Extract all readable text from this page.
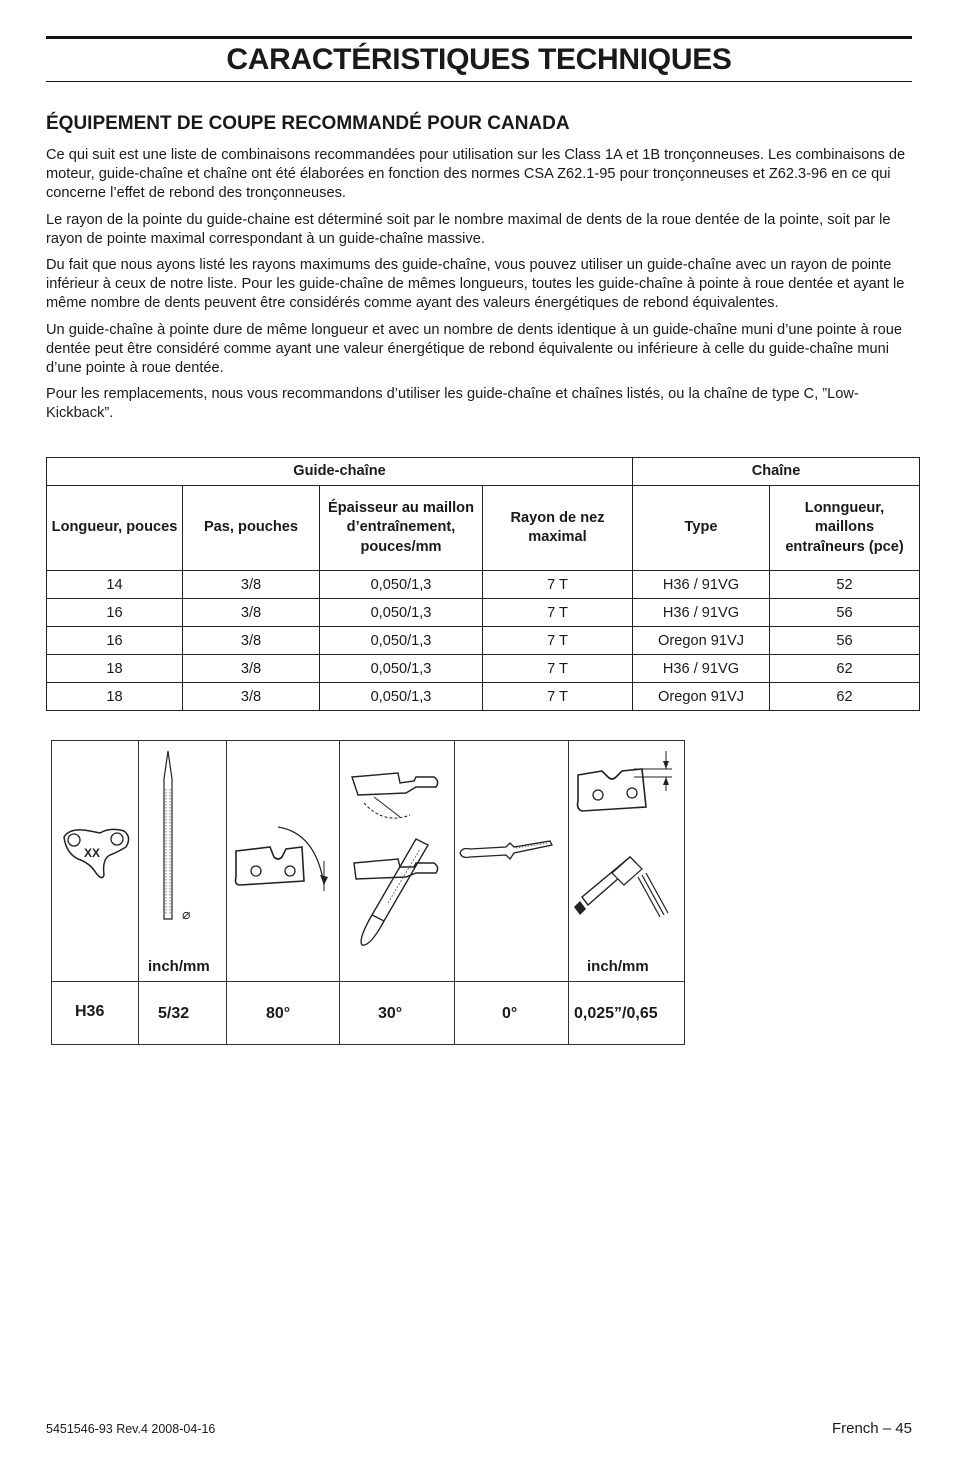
CARACTÉRISTIQUES TECHNIQUES
ÉQUIPEMENT DE COUPE RECOMMANDÉ POUR CANADA

Ce qui suit est une liste de combinaisons recommandées pour utilisation sur les Class 1A et 1B tronçonneuses. Les combinaisons de moteur, guide-chaîne et chaîne ont été élaborées en fonction des normes CSA Z62.1-95 pour tronçonneuses et Z62.3-96 en ce qui concerne l’effet de rebond des tronçonneuses.

Le rayon de la pointe du guide-chaine est déterminé soit par le nombre maximal de dents de la roue dentée de la pointe, soit par le rayon de pointe maximal correspondant à un guide-chaîne massive.

Du fait que nous ayons listé les rayons maximums des guide-chaîne, vous pouvez utiliser un guide-chaîne avec un rayon de pointe inférieur à ceux de notre liste. Pour les guide-chaîne de mêmes longueurs, toutes les guide-chaîne à pointe à roue dentée et ayant le même nombre de dents peuvent être considérés comme ayant des valeurs énergétiques de rebond équivalentes.

Un guide-chaîne à pointe dure de même longueur et avec un nombre de dents identique à un guide-chaîne muni d’une pointe à roue dentée peut être considéré comme ayant une valeur énergétique de rebond équivalente ou inférieure à celle du guide-chaîne muni d’une pointe à roue dentée.

Pour les remplacements, nous vous recommandons d’utiliser les guide-chaîne et chaînes listés, ou la chaîne de type C, ”Low-Kickback”.

Guide-chaîne				Chaîne	
Longueur, pouces	Pas, pouches	Épaisseur au maillon d’entraînement, pouces/mm	Rayon de nez maximal	Type	Lonngueur, maillons entraîneurs (pce)
14	3/8	0,050/1,3	7 T	H36 / 91VG	52
16	3/8	0,050/1,3	7 T	H36 / 91VG	56
16	3/8	0,050/1,3	7 T	Oregon 91VJ	56
18	3/8	0,050/1,3	7 T	H36 / 91VG	62
18	3/8	0,050/1,3	7 T	Oregon 91VJ	62
XX
⌀
inch/mm	inch/mm
H36	5/32	80°	30°	0°	0,025”/0,65
5451546-93 Rev.4 2008-04-16	French – 45
